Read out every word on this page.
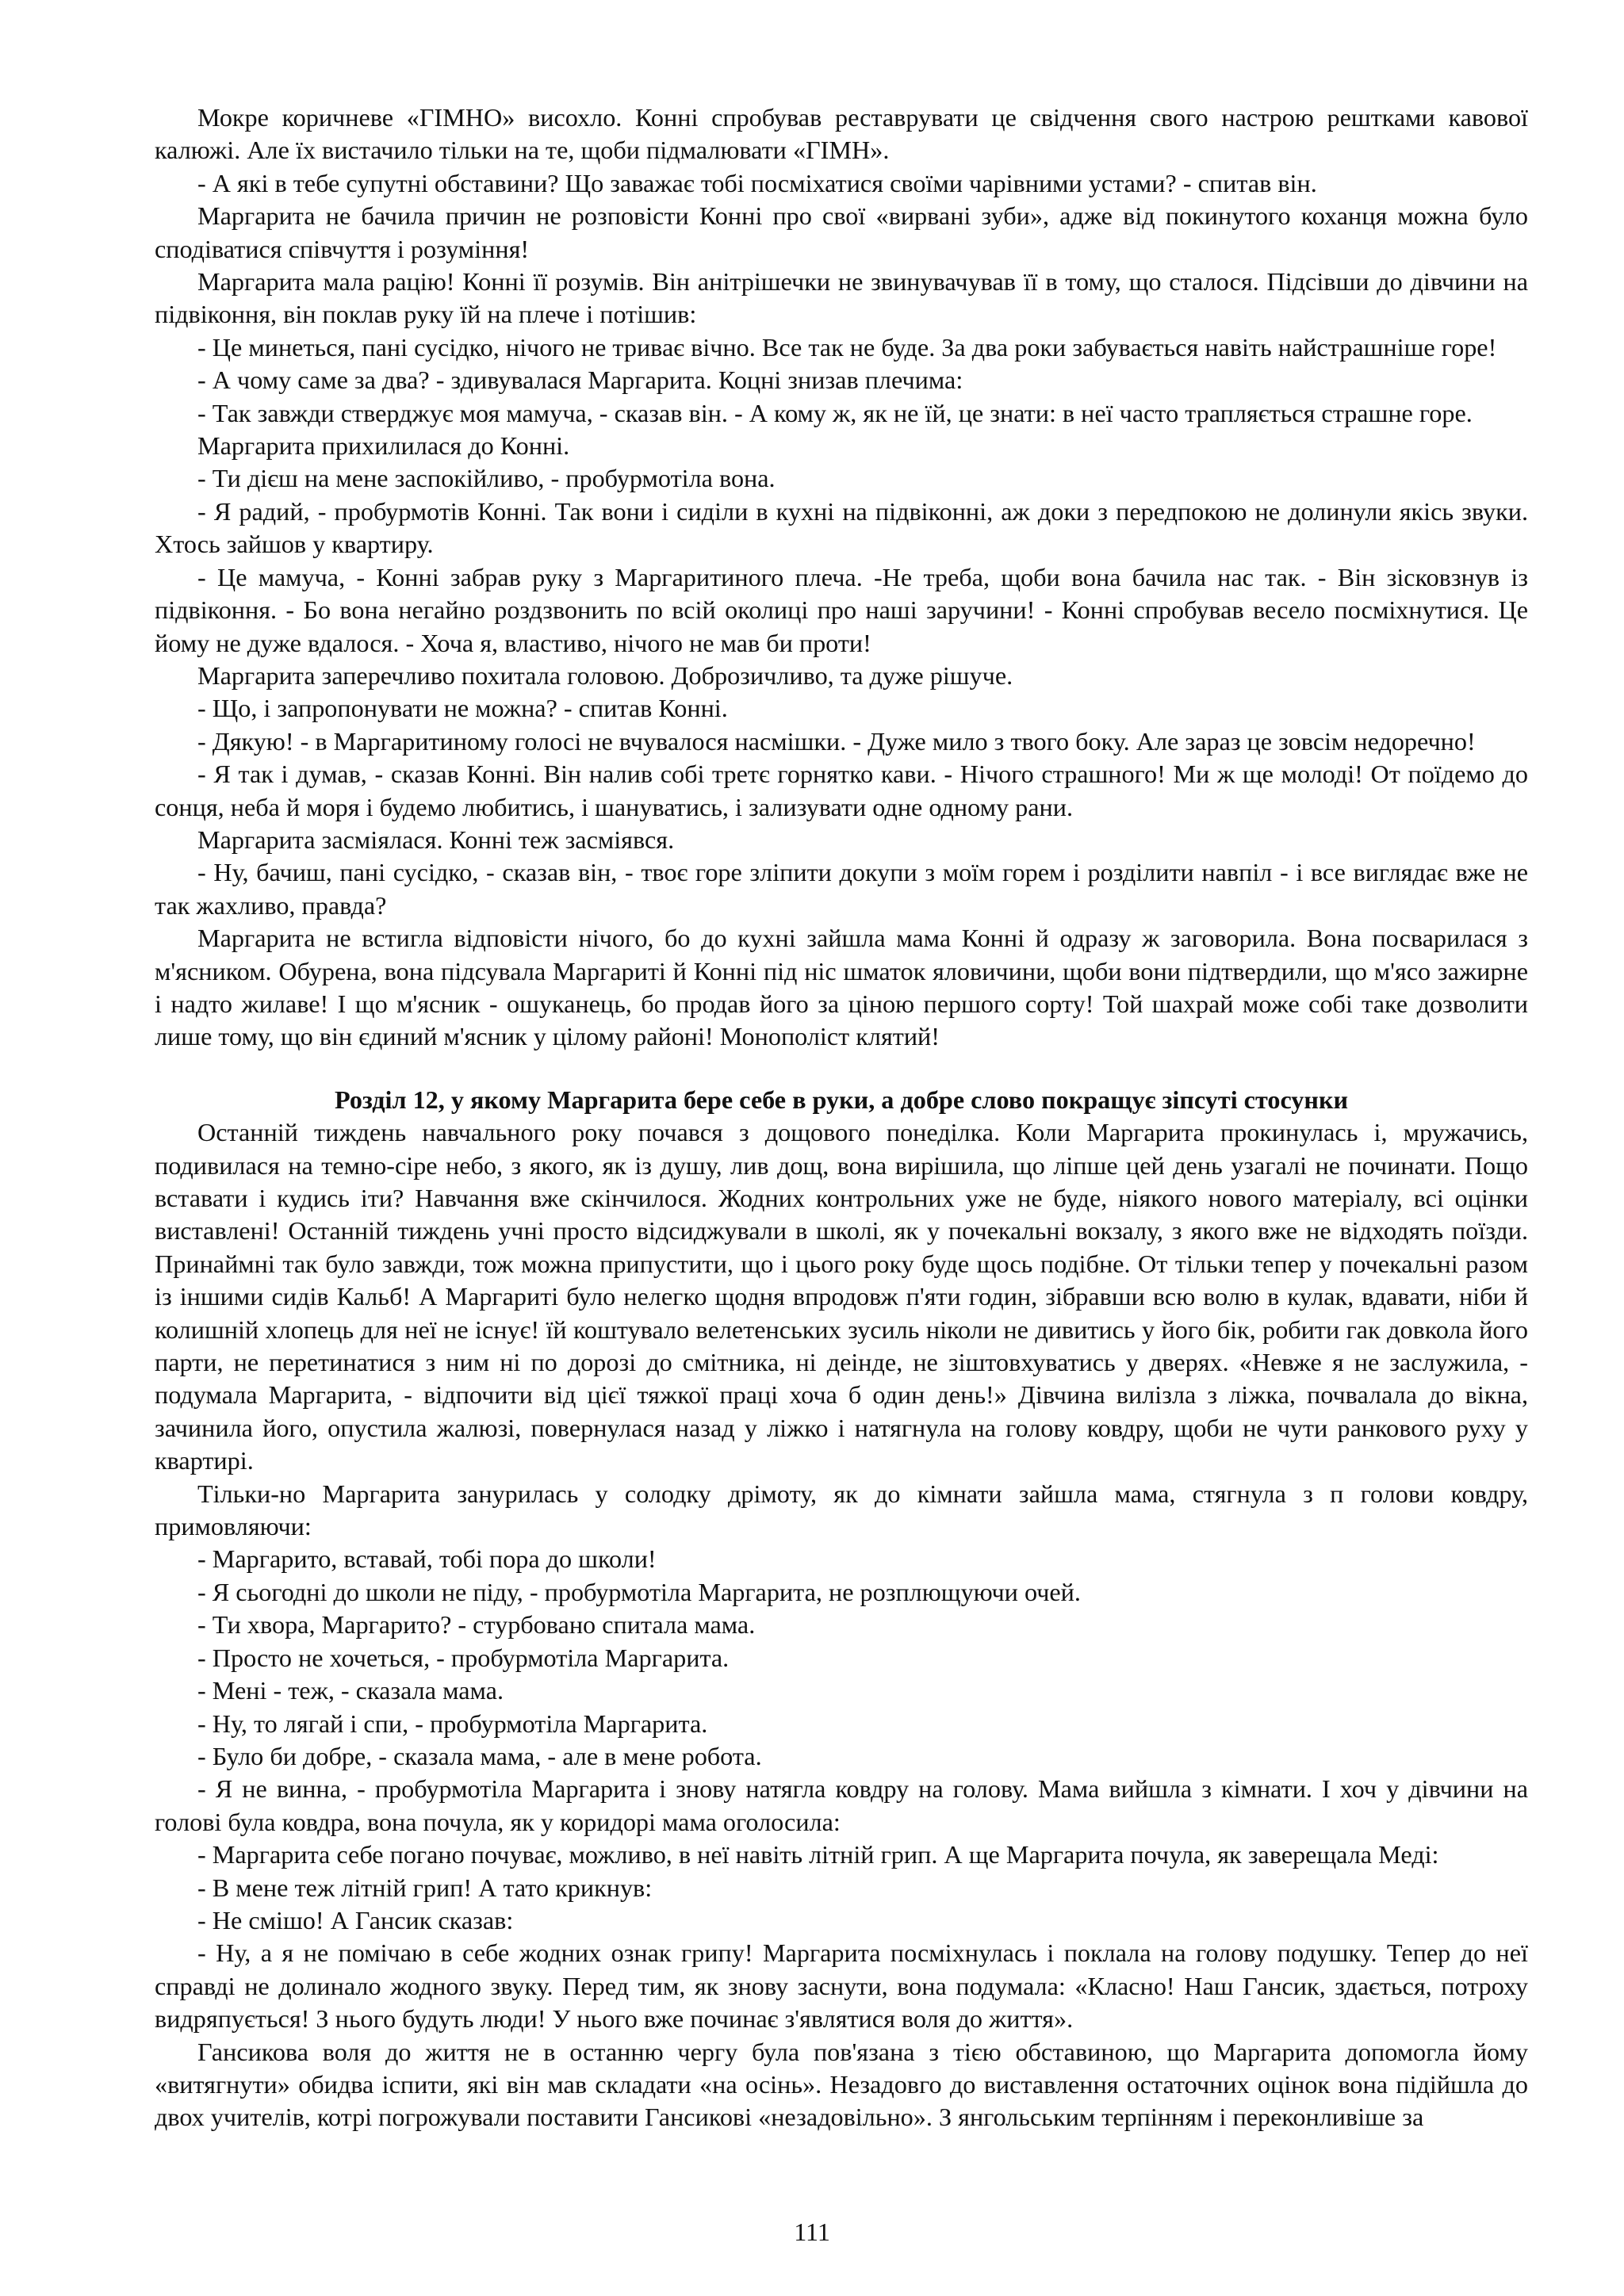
Мокре коричневе «ГІМНО» висохло. Конні спробував реставрувати це свідчення свого настрою рештками кавової калюжі. Але їх вистачило тільки на те, щоби підмалювати «ГІМН».

- А які в тебе супутні обставини? Що заважає тобі посміхатися своїми чарівними устами? - спитав він.

Маргарита не бачила причин не розповісти Конні про свої «вирвані зуби», адже від покинутого коханця можна було сподіватися співчуття і розуміння!

Маргарита мала рацію! Конні її розумів. Він анітрішечки не звинувачував її в тому, що сталося. Підсівши до дівчини на підвіконня, він поклав руку їй на плече і потішив:

- Це минеться, пані сусідко, нічого не триває вічно. Все так не буде. За два роки забувається навіть найстрашніше горе!

- А чому саме за два? - здивувалася Маргарита. Коцні знизав плечима:

- Так завжди стверджує моя мамуча, - сказав він. - А кому ж, як не їй, це знати: в неї часто трапляється страшне горе.

Маргарита прихилилася до Конні.

- Ти дієш на мене заспокійливо, - пробурмотіла вона.

- Я радий, - пробурмотів Конні. Так вони і сиділи в кухні на підвіконні, аж доки з передпокою не долинули якісь звуки. Хтось зайшов у квартиру.

- Це мамуча, - Конні забрав руку з Маргаритиного плеча. -Не треба, щоби вона бачила нас так. - Він зісковзнув із підвіконня. - Бо вона негайно роздзвонить по всій околиці про наші заручини! - Конні спробував весело посміхнутися. Це йому не дуже вдалося. - Хоча я, властиво, нічого не мав би проти!

Маргарита заперечливо похитала головою. Доброзичливо, та дуже рішуче.

- Що, і запропонувати не можна? - спитав Конні.

- Дякую! - в Маргаритиному голосі не вчувалося насмішки. - Дуже мило з твого боку. Але зараз це зовсім недоречно!

- Я так і думав, - сказав Конні. Він налив собі третє горнятко кави. - Нічого страшного! Ми ж ще молоді! От поїдемо до сонця, неба й моря і будемо любитись, і шануватись, і зализувати одне одному рани.

Маргарита засміялася. Конні теж засміявся.

- Ну, бачиш, пані сусідко, - сказав він, - твоє горе зліпити докупи з моїм горем і розділити навпіл - і все виглядає вже не так жахливо, правда?

Маргарита не встигла відповісти нічого, бо до кухні зайшла мама Конні й одразу ж заговорила. Вона посварилася з м'ясником. Обурена, вона підсувала Маргариті й Конні під ніс шматок яловичини, щоби вони підтвердили, що м'ясо зажирне і надто жилаве! І що м'ясник - ошуканець, бо продав його за ціною першого сорту! Той шахрай може собі таке дозволити лише тому, що він єдиний м'ясник у цілому районі! Монополіст клятий!

Розділ 12, у якому Маргарита бере себе в руки, а добре слово покращує зіпсуті стосунки

Останній тиждень навчального року почався з дощового понеділка. Коли Маргарита прокинулась і, мружачись, подивилася на темно-сіре небо, з якого, як із душу, лив дощ, вона вирішила, що ліпше цей день узагалі не починати. Пощо вставати і кудись іти? Навчання вже скінчилося. Жодних контрольних уже не буде, ніякого нового матеріалу, всі оцінки виставлені! Останній тиждень учні просто відсиджували в школі, як у почекальні вокзалу, з якого вже не відходять поїзди. Принаймні так було завжди, тож можна припустити, що і цього року буде щось подібне. От тільки тепер у почекальні разом із іншими сидів Кальб! А Маргариті було нелегко щодня впродовж п'яти годин, зібравши всю волю в кулак, вдавати, ніби й колишній хлопець для неї не існує! їй коштувало велетенських зусиль ніколи не дивитись у його бік, робити гак довкола його парти, не перетинатися з ним ні по дорозі до смітника, ні деінде, не зіштовхуватись у дверях. «Невже я не заслужила, - подумала Маргарита, - відпочити від цієї тяжкої праці хоча б один день!» Дівчина вилізла з ліжка, почвалала до вікна, зачинила його, опустила жалюзі, повернулася назад у ліжко і натягнула на голову ковдру, щоби не чути ранкового руху у квартирі.

Тільки-но Маргарита занурилась у солодку дрімоту, як до кімнати зайшла мама, стягнула з п голови ковдру, примовляючи:

- Маргарито, вставай, тобі пора до школи!

- Я сьогодні до школи не піду, - пробурмотіла Маргарита, не розплющуючи очей.

- Ти хвора, Маргарито? - стурбовано спитала мама.

- Просто не хочеться, - пробурмотіла Маргарита.

- Мені - теж, - сказала мама.

- Ну, то лягай і спи, - пробурмотіла Маргарита.

- Було би добре, - сказала мама, - але в мене робота.

- Я не винна, - пробурмотіла Маргарита і знову натягла ковдру на голову. Мама вийшла з кімнати. І хоч у дівчини на голові була ковдра, вона почула, як у коридорі мама оголосила:

- Маргарита себе погано почуває, можливо, в неї навіть літній грип. А ще Маргарита почула, як заверещала Меді:

- В мене теж літній грип! А тато крикнув:

- Не смішо! А Гансик сказав:

- Ну, а я не помічаю в себе жодних ознак грипу! Маргарита посміхнулась і поклала на голову подушку. Тепер до неї справді не долинало жодного звуку. Перед тим, як знову заснути, вона подумала: «Класно! Наш Гансик, здається, потроху видряпується! З нього будуть люди! У нього вже починає з'являтися воля до життя».

Гансикова воля до життя не в останню чергу була пов'язана з тією обставиною, що Маргарита допомогла йому «витягнути» обидва іспити, які він мав складати «на осінь». Незадовго до виставлення остаточних оцінок вона підійшла до двох учителів, котрі погрожували поставити Гансикові «незадовільно». З янгольським терпінням і переконливіше за

111
